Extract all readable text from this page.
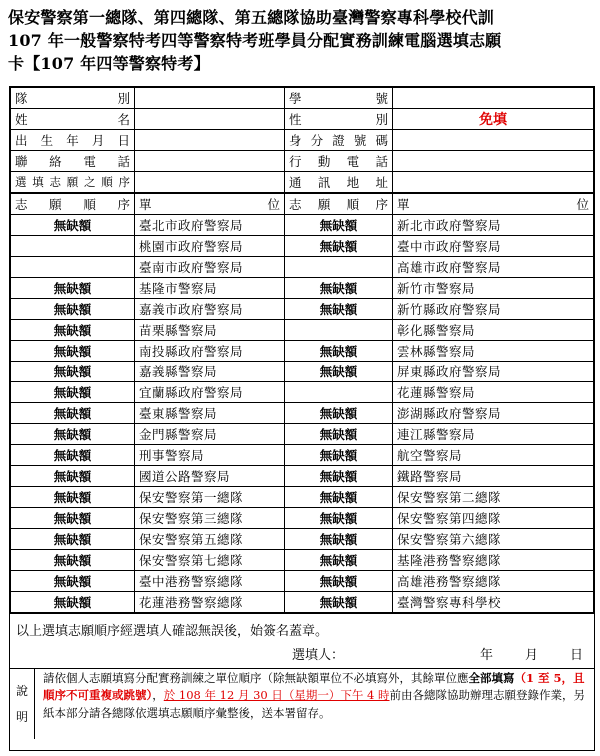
保安警察第一總隊、第四總隊、第五總隊協助臺灣警察專科學校代訓
107 年一般警察特考四等警察特考班學員分配實務訓練電腦選填志願
卡【107 年四等警察特考】
隊別		學號	
姓名		性別	免填
出生年月日		身分證號碼	
聯絡電話		行動電話	
選填志願之順序		通訊地址	
志願順序	單位	志願順序	單位
無缺額	臺北市政府警察局	無缺額	新北市政府警察局
	桃園市政府警察局	無缺額	臺中市政府警察局
	臺南市政府警察局		高雄市政府警察局
無缺額	基隆市警察局	無缺額	新竹市警察局
無缺額	嘉義市政府警察局	無缺額	新竹縣政府警察局
無缺額	苗栗縣警察局		彰化縣警察局
無缺額	南投縣政府警察局	無缺額	雲林縣警察局
無缺額	嘉義縣警察局	無缺額	屏東縣政府警察局
無缺額	宜蘭縣政府警察局		花蓮縣警察局
無缺額	臺東縣警察局	無缺額	澎湖縣政府警察局
無缺額	金門縣警察局	無缺額	連江縣警察局
無缺額	刑事警察局	無缺額	航空警察局
無缺額	國道公路警察局	無缺額	鐵路警察局
無缺額	保安警察第一總隊	無缺額	保安警察第二總隊
無缺額	保安警察第三總隊	無缺額	保安警察第四總隊
無缺額	保安警察第五總隊	無缺額	保安警察第六總隊
無缺額	保安警察第七總隊	無缺額	基隆港務警察總隊
無缺額	臺中港務警察總隊	無缺額	高雄港務警察總隊
無缺額	花蓮港務警察總隊	無缺額	臺灣警察專科學校
以上選填志願順序經選填人確認無誤後，始簽名蓋章。
選填人：	年　　月　　日
說
明
請依個人志願填寫分配實務訓練之單位順序（除無缺額單位不必填寫外，其餘單位應全部填寫（1 至 5，且順序不可重複或跳號），於 108 年 12 月 30 日（星期一）下午 4 時前由各總隊協助辦理志願登錄作業，另紙本部分請各總隊依選填志願順序彙整後，送本署留存。
